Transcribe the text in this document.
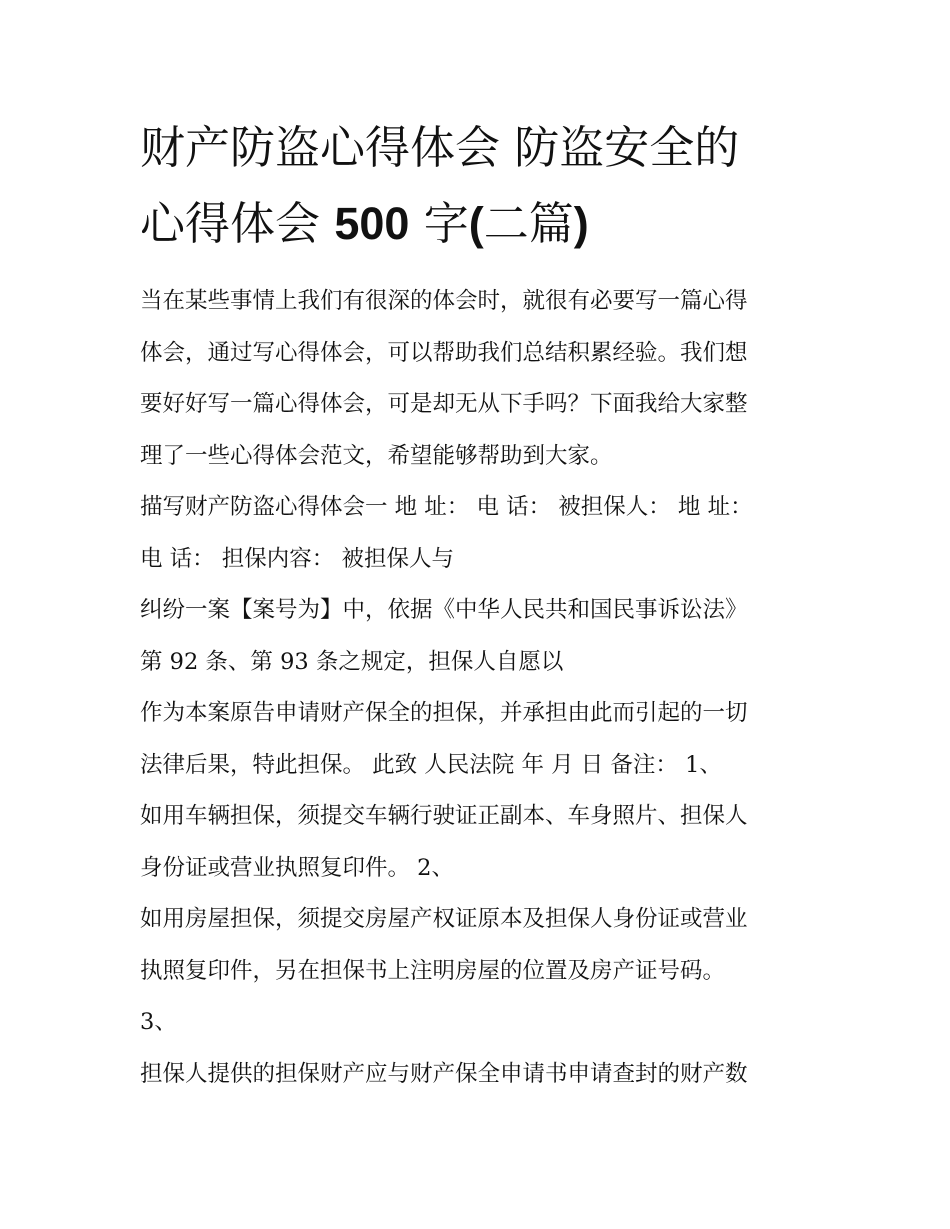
财产防盗心得体会 防盗安全的
心得体会 500 字(二篇)
当在某些事情上我们有很深的体会时，就很有必要写一篇心得
体会，通过写心得体会，可以帮助我们总结积累经验。我们想
要好好写一篇心得体会，可是却无从下手吗？下面我给大家整
理了一些心得体会范文，希望能够帮助到大家。
描写财产防盗心得体会一 地 址： 电 话： 被担保人： 地 址：
电 话： 担保内容： 被担保人与
纠纷一案【案号为】中，依据《中华人民共和国民事诉讼法》
第 92 条、第 93 条之规定，担保人自愿以
作为本案原告申请财产保全的担保，并承担由此而引起的一切
法律后果，特此担保。 此致 人民法院 年 月 日 备注： 1、
如用车辆担保，须提交车辆行驶证正副本、车身照片、担保人
身份证或营业执照复印件。 2、
如用房屋担保，须提交房屋产权证原本及担保人身份证或营业
执照复印件，另在担保书上注明房屋的位置及房产证号码。
3、
担保人提供的担保财产应与财产保全申请书申请查封的财产数
